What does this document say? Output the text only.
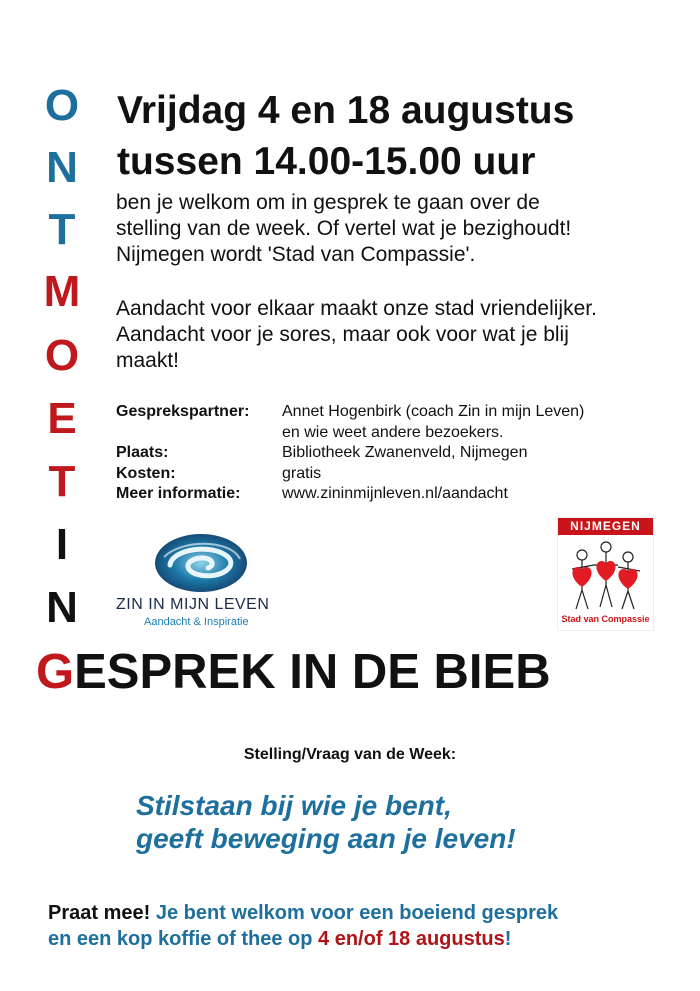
O
N
T
M
O
E
T
I
N
Vrijdag 4 en 18 augustus
tussen 14.00-15.00 uur
ben je welkom om in gesprek te gaan over de
stelling van de week. Of vertel wat je bezighoudt!
Nijmegen wordt 'Stad van Compassie'.
Aandacht voor elkaar maakt onze stad vriendelijker.
Aandacht voor je sores, maar ook voor wat je blij
maakt!
Gesprekspartner:	Annet Hogenbirk (coach Zin in mijn Leven)
en wie weet andere bezoekers.
Plaats:	Bibliotheek Zwanenveld, Nijmegen
Kosten:	gratis
Meer informatie:	www.zininmijnleven.nl/aandacht
ZIN IN MIJN LEVEN
Aandacht & Inspiratie
NIJMEGEN
Stad van Compassie
GESPREK IN DE BIEB
Stelling/Vraag van de Week:
Stilstaan bij wie je bent,
geeft beweging aan je leven!
Praat mee! Je bent welkom voor een boeiend gesprek
en een kop koffie of thee op 4 en/of 18 augustus!
